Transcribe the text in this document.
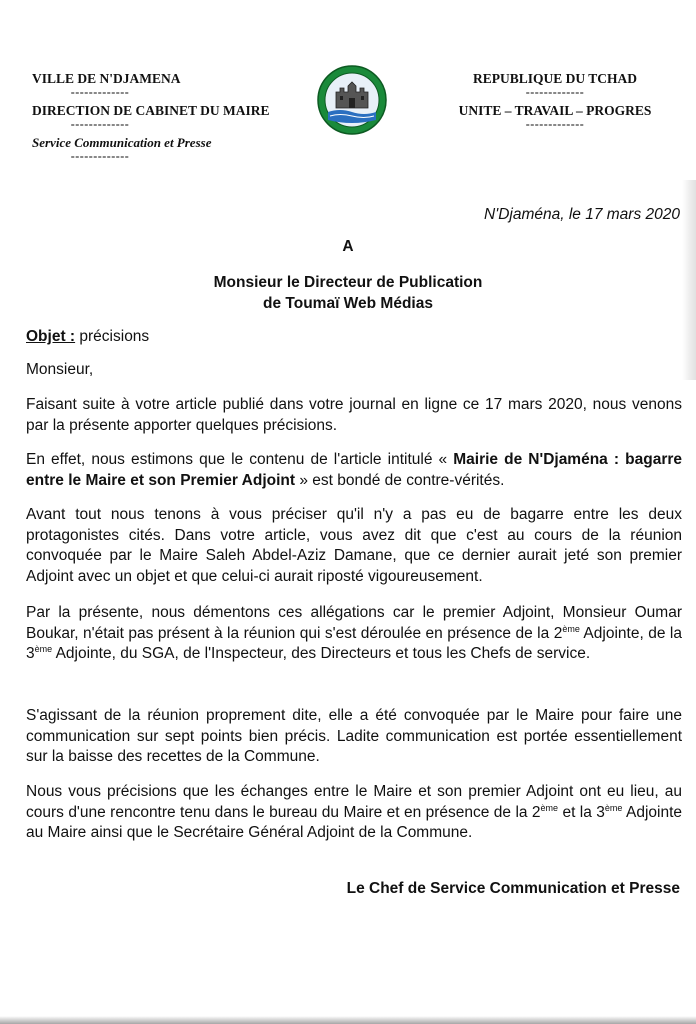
VILLE DE N'DJAMENA
-------------
DIRECTION DE CABINET DU MAIRE
-------------
Service Communication et Presse
-------------
REPUBLIQUE DU TCHAD
-------------
UNITE – TRAVAIL – PROGRES
-------------
N'Djaména, le 17 mars 2020
A
Monsieur le Directeur de Publication
de Toumaï Web Médias
Objet : précisions
Monsieur,
Faisant suite à votre article publié dans votre journal en ligne ce 17 mars 2020, nous venons par la présente apporter quelques précisions.
En effet, nous estimons que le contenu de l'article intitulé « Mairie de N'Djaména : bagarre entre le Maire et son Premier Adjoint » est bondé de contre-vérités.
Avant tout nous tenons à vous préciser qu'il n'y a pas eu de bagarre entre les deux protagonistes cités. Dans votre article, vous avez dit que c'est au cours de la réunion convoquée par le Maire Saleh Abdel-Aziz Damane, que ce dernier aurait jeté son premier Adjoint avec un objet et que celui-ci aurait riposté vigoureusement.
Par la présente, nous démentons ces allégations car le premier Adjoint, Monsieur Oumar Boukar, n'était pas présent à la réunion qui s'est déroulée en présence de la 2ème Adjointe, de la 3ème Adjointe, du SGA, de l'Inspecteur, des Directeurs et tous les Chefs de service.
S'agissant de la réunion proprement dite, elle a été convoquée par le Maire pour faire une communication sur sept points bien précis. Ladite communication est portée essentiellement sur la baisse des recettes de la Commune.
Nous vous précisions que les échanges entre le Maire et son premier Adjoint ont eu lieu, au cours d'une rencontre tenu dans le bureau du Maire et en présence de la 2ème et la 3ème Adjointe au Maire ainsi que le Secrétaire Général Adjoint de la Commune.
Le Chef de Service Communication et Presse
